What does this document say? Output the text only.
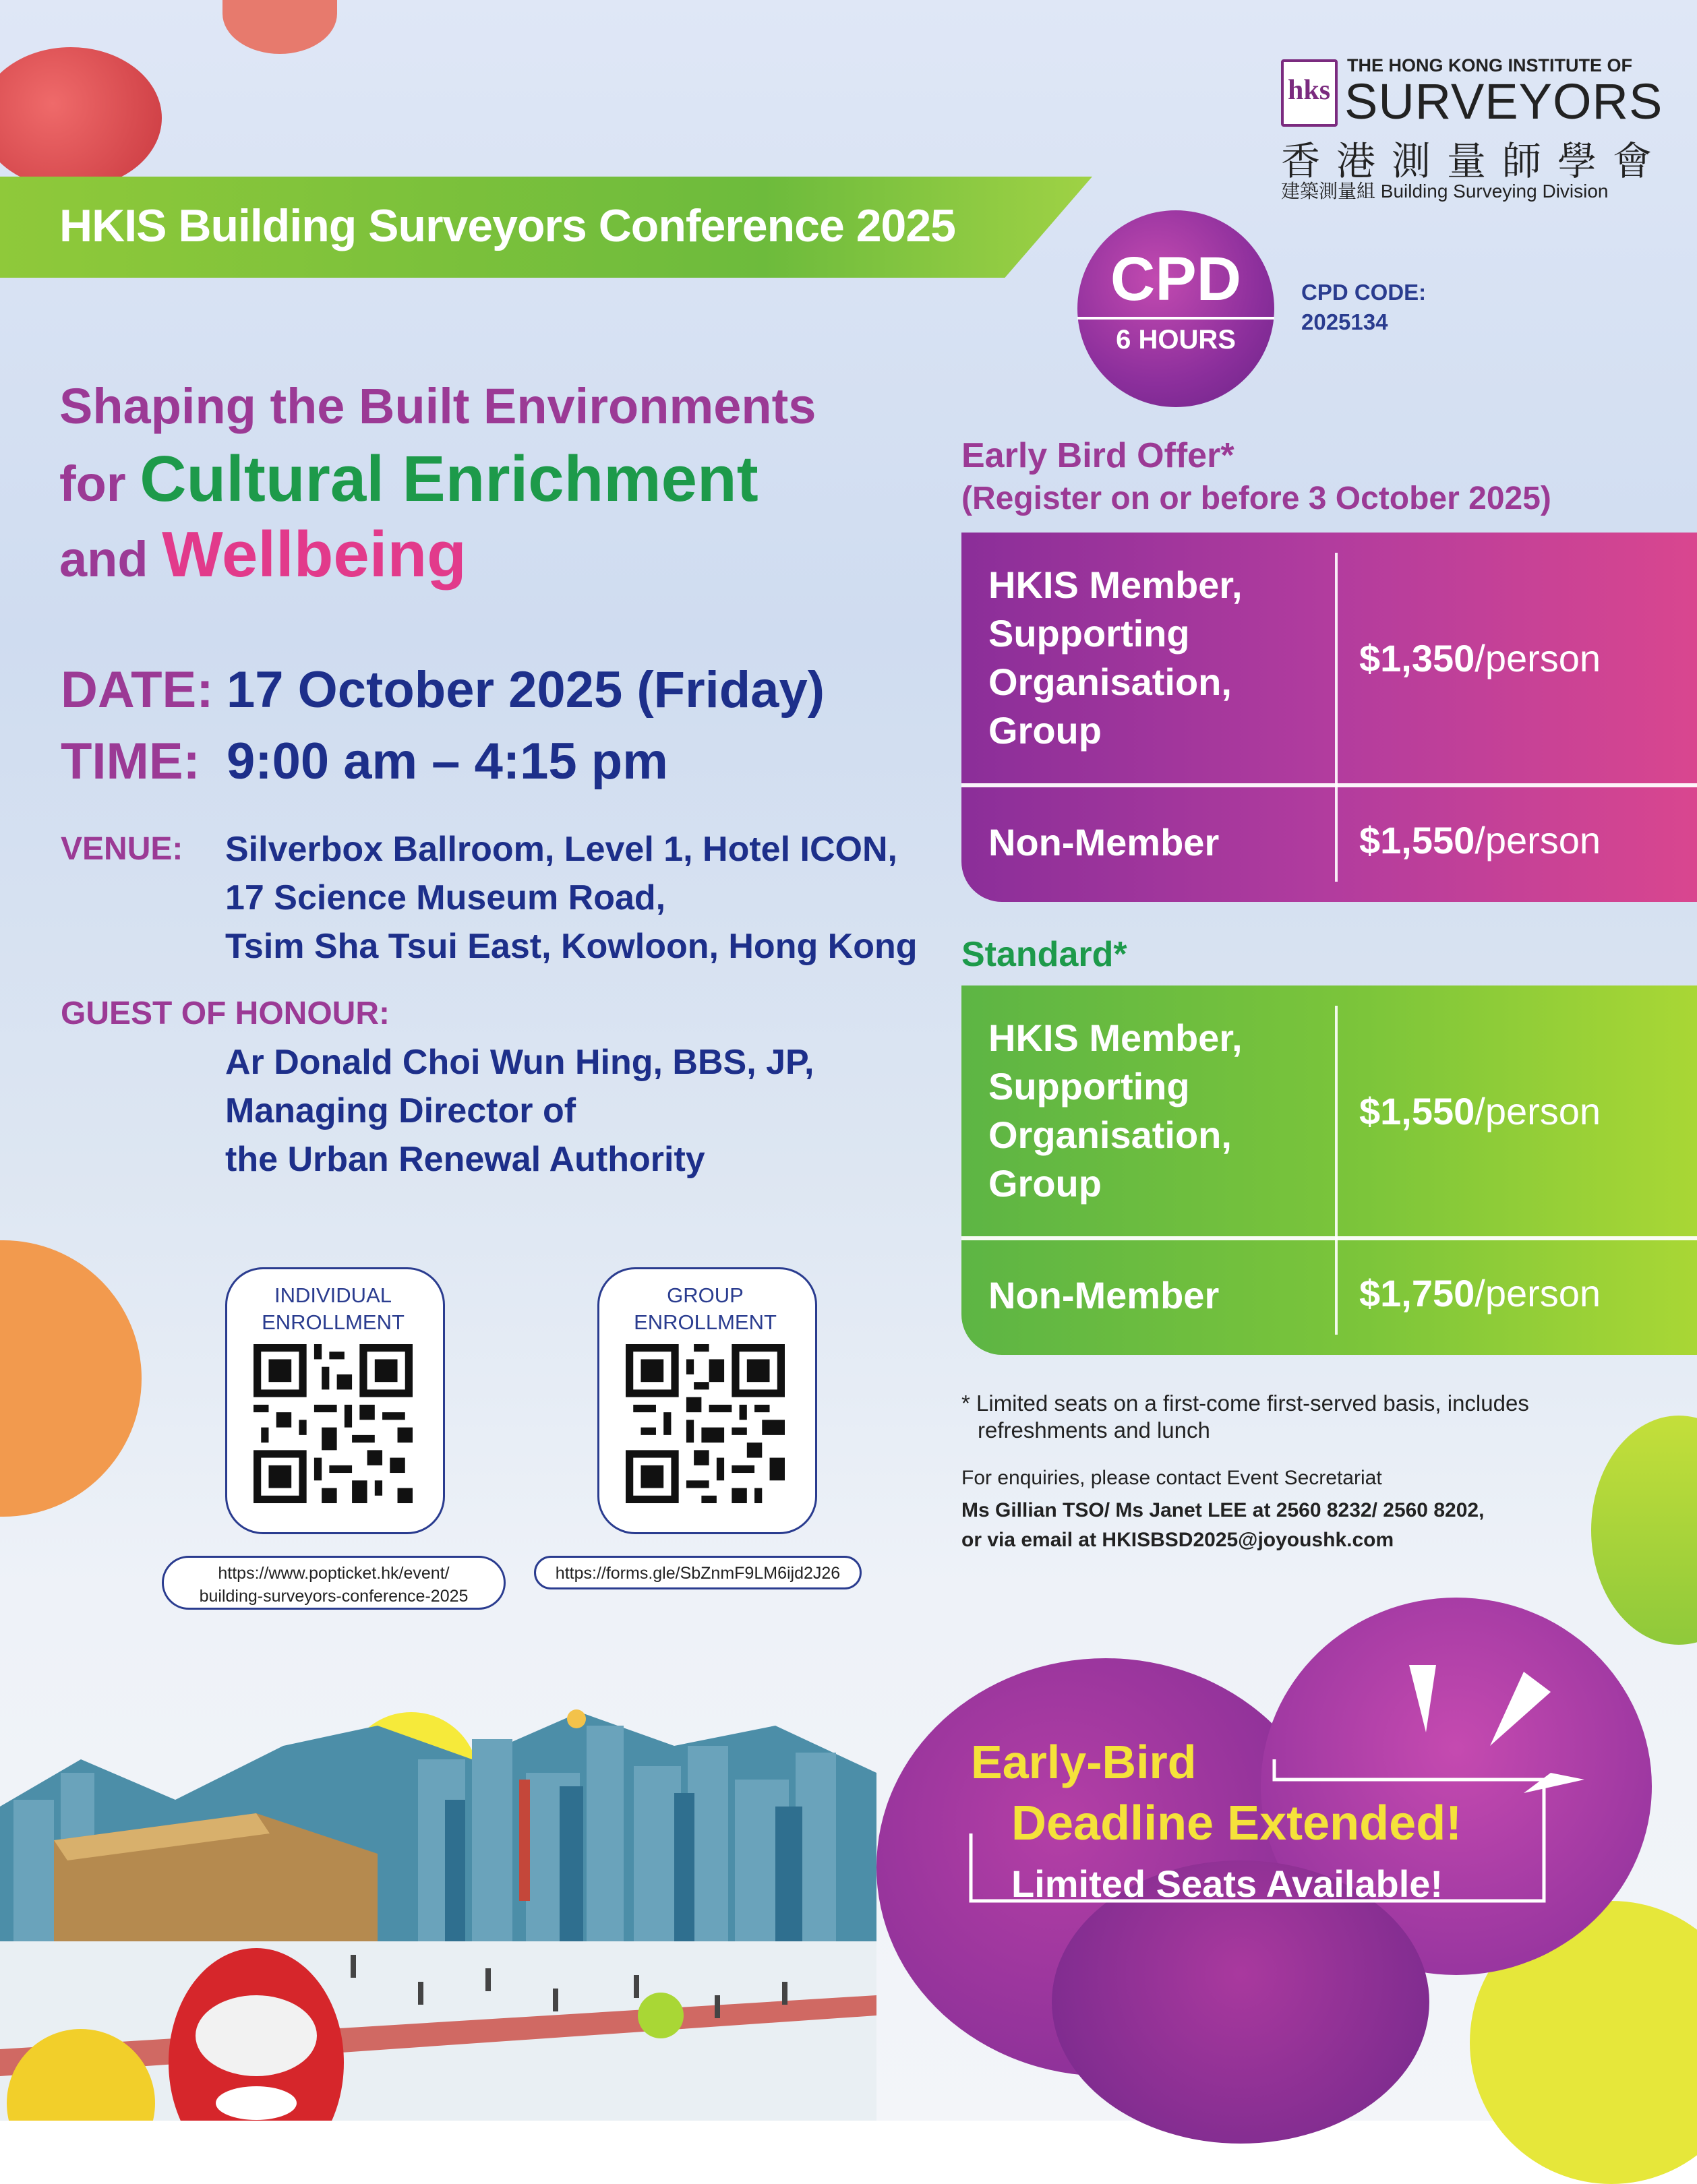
HKIS Building Surveyors Conference 2025
hks
THE HONG KONG INSTITUTE OF
SURVEYORS
香港測量師學會
建築測量組 Building Surveying Division
CPD
6 HOURS
CPD CODE:
2025134
Shaping the Built Environments
for Cultural Enrichment
and Wellbeing
DATE: 17 October 2025 (Friday)
TIME: 9:00 am – 4:15 pm
VENUE: Silverbox Ballroom, Level 1, Hotel ICON,
17 Science Museum Road,
Tsim Sha Tsui East, Kowloon, Hong Kong
GUEST OF HONOUR:
Ar Donald Choi Wun Hing, BBS, JP,
Managing Director of
the Urban Renewal Authority
Early Bird Offer*
(Register on or before 3 October 2025)
HKIS Member,
Supporting
Organisation,
Group
$1,350/person
Non-Member	$1,550/person
Standard*
HKIS Member,
Supporting
Organisation,
Group
$1,550/person
Non-Member	$1,750/person
* Limited seats on a first-come first-served basis, includes
refreshments and lunch
For enquiries, please contact Event Secretariat
Ms Gillian TSO/ Ms Janet LEE at 2560 8232/ 2560 8202,
or via email at HKISBSD2025@joyoushk.com
INDIVIDUAL
ENROLLMENT
https://www.popticket.hk/event/
building-surveyors-conference-2025
GROUP
ENROLLMENT
https://forms.gle/SbZnmF9LM6ijd2J26
Early-Bird
Deadline Extended!
Limited Seats Available!
